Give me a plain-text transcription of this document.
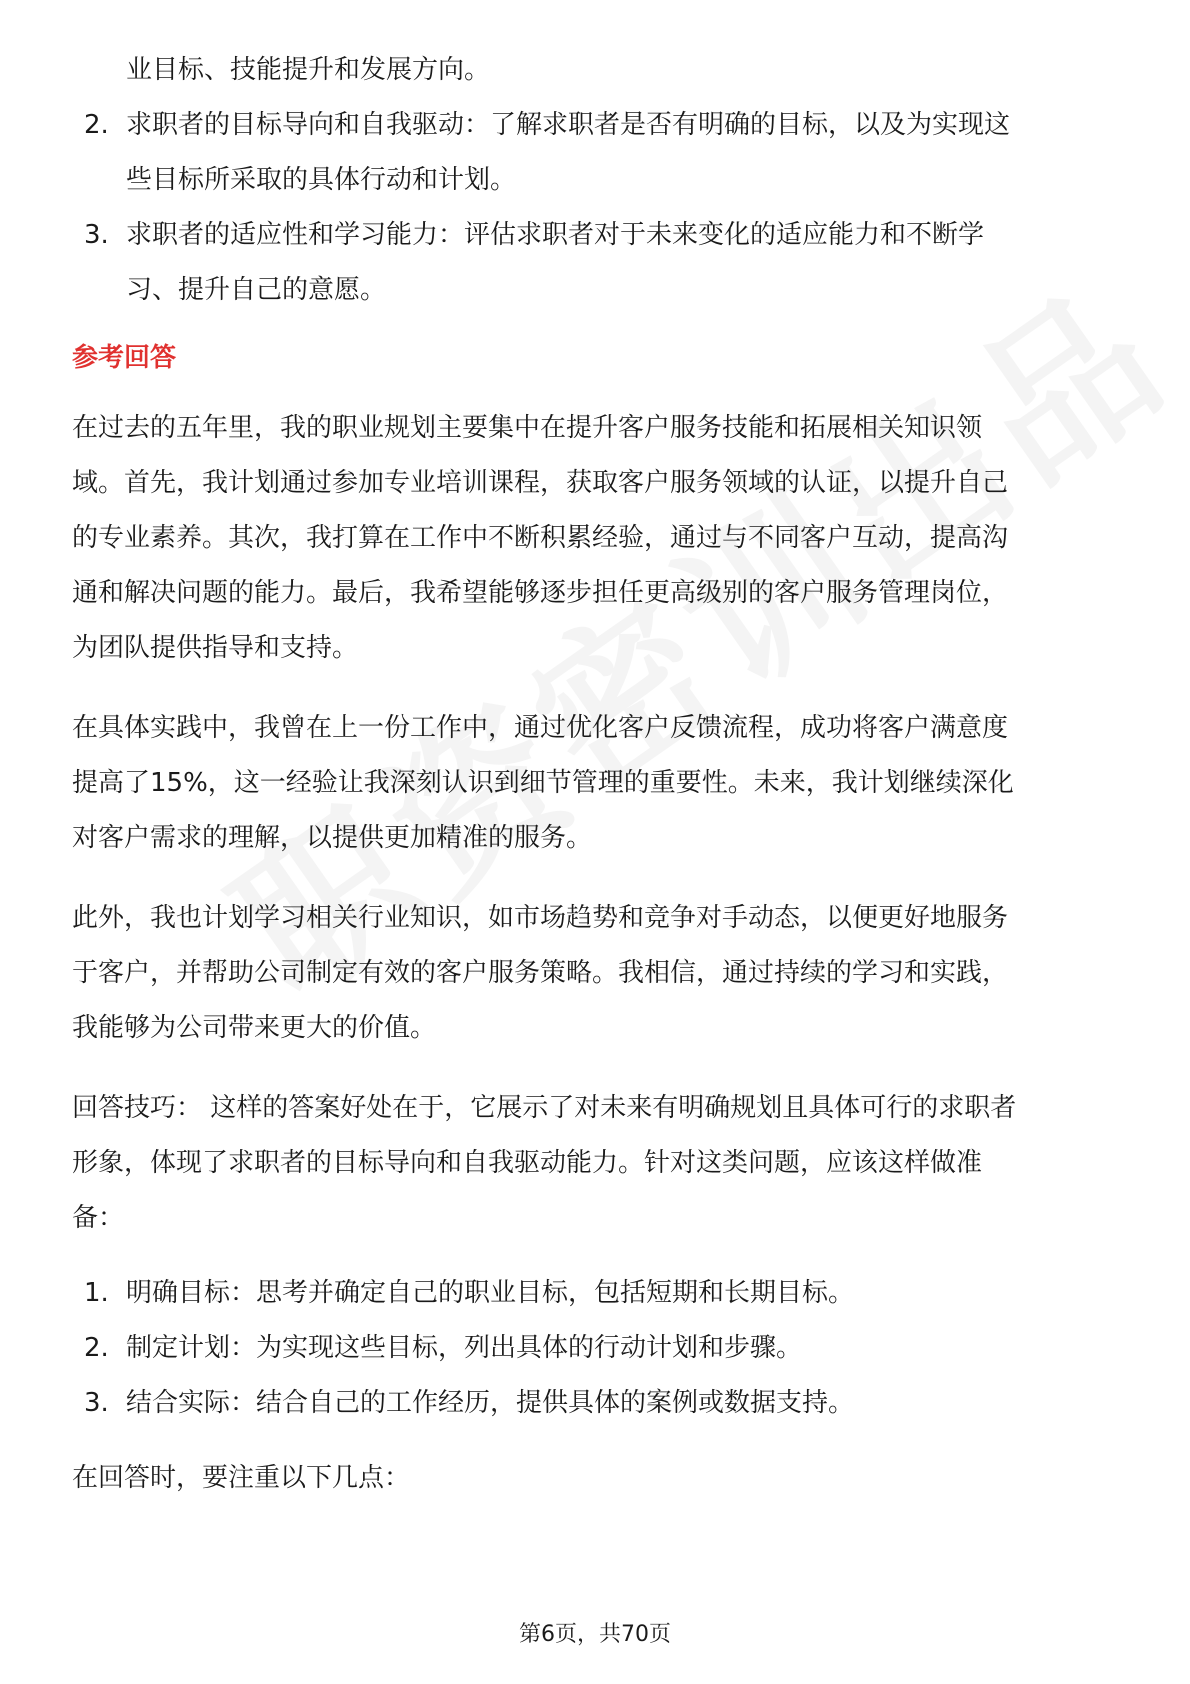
业目标、技能提升和发展方向。
2. 求职者的目标导向和自我驱动：了解求职者是否有明确的目标，以及为实现这
些目标所采取的具体行动和计划。
3. 求职者的适应性和学习能力：评估求职者对于未来变化的适应能力和不断学
习、提升自己的意愿。
参考回答
在过去的五年里，我的职业规划主要集中在提升客户服务技能和拓展相关知识领
域。首先，我计划通过参加专业培训课程，获取客户服务领域的认证，以提升自己
的专业素养。其次，我打算在工作中不断积累经验，通过与不同客户互动，提高沟
通和解决问题的能力。最后，我希望能够逐步担任更高级别的客户服务管理岗位，
为团队提供指导和支持。
在具体实践中，我曾在上一份工作中，通过优化客户反馈流程，成功将客户满意度
提高了15%，这一经验让我深刻认识到细节管理的重要性。未来，我计划继续深化
对客户需求的理解，以提供更加精准的服务。
此外，我也计划学习相关行业知识，如市场趋势和竞争对手动态，以便更好地服务
于客户，并帮助公司制定有效的客户服务策略。我相信，通过持续的学习和实践，
我能够为公司带来更大的价值。
回答技巧： 这样的答案好处在于，它展示了对未来有明确规划且具体可行的求职者
形象，体现了求职者的目标导向和自我驱动能力。针对这类问题，应该这样做准
备：
1. 明确目标：思考并确定自己的职业目标，包括短期和长期目标。
2. 制定计划：为实现这些目标，列出具体的行动计划和步骤。
3. 结合实际：结合自己的工作经历，提供具体的案例或数据支持。
在回答时，要注重以下几点：
第6页，共70页
